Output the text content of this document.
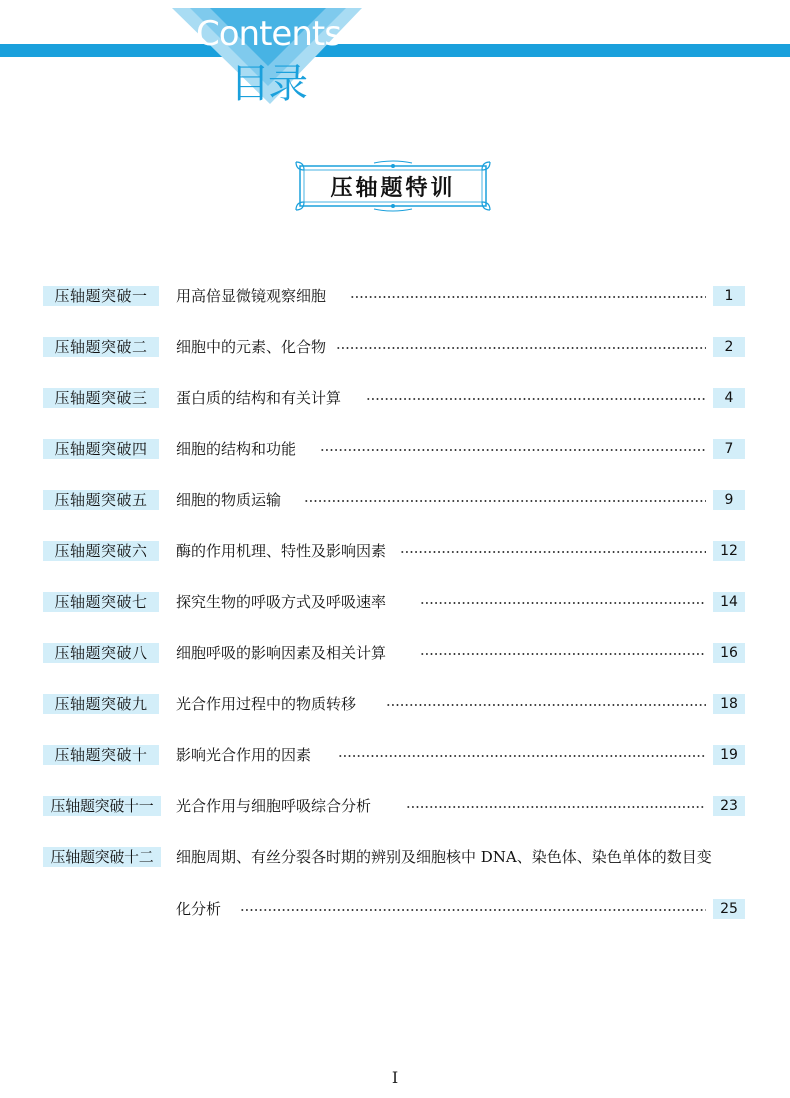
Contents
目录
压轴题特训
压轴题突破一	用高倍显微镜观察细胞	1
压轴题突破二	细胞中的元素、化合物	2
压轴题突破三	蛋白质的结构和有关计算	4
压轴题突破四	细胞的结构和功能	7
压轴题突破五	细胞的物质运输	9
压轴题突破六	酶的作用机理、特性及影响因素	12
压轴题突破七	探究生物的呼吸方式及呼吸速率	14
压轴题突破八	细胞呼吸的影响因素及相关计算	16
压轴题突破九	光合作用过程中的物质转移	18
压轴题突破十	影响光合作用的因素	19
压轴题突破十一	光合作用与细胞呼吸综合分析	23
压轴题突破十二	细胞周期、有丝分裂各时期的辨别及细胞核中 DNA、染色体、染色单体的数目变
化分析	25
I
